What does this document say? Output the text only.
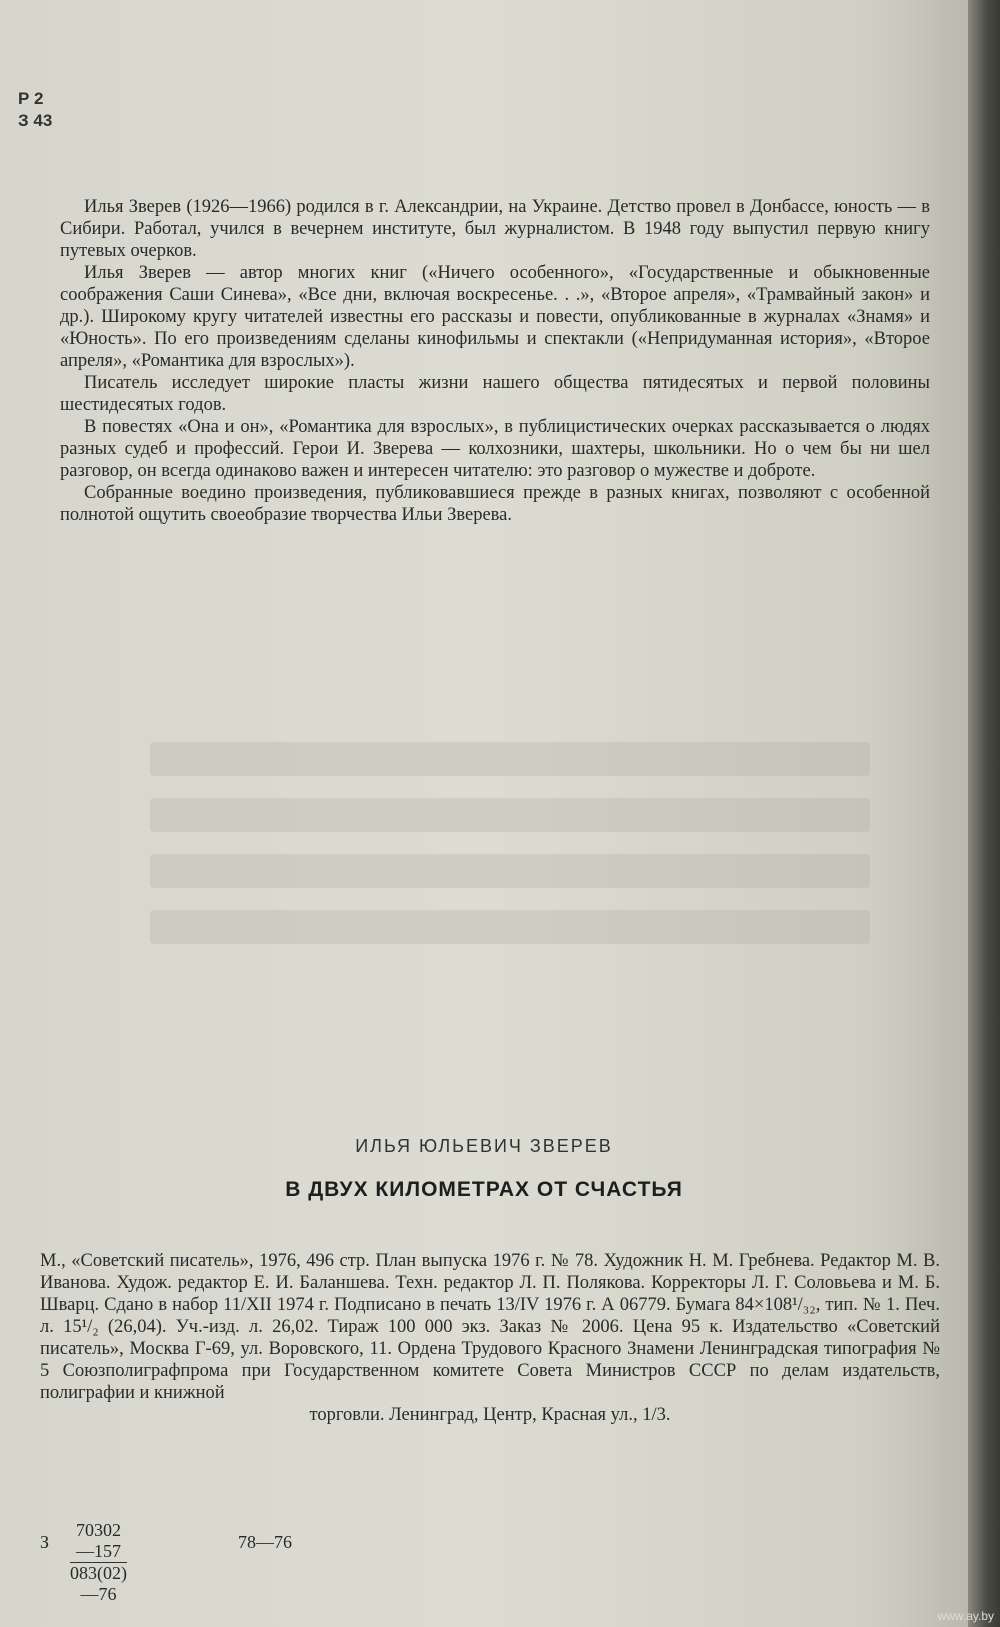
Р 2
З 43

Илья Зверев (1926—1966) родился в г. Александрии, на Украине. Детство провел в Донбассе, юность — в Сибири. Работал, учился в вечернем институте, был журналистом. В 1948 году выпустил первую книгу путевых очерков.

Илья Зверев — автор многих книг («Ничего особенного», «Государственные и обыкновенные соображения Саши Синева», «Все дни, включая воскресенье. . .», «Второе апреля», «Трамвайный закон» и др.). Широкому кругу читателей известны его рассказы и повести, опубликованные в журналах «Знамя» и «Юность». По его произведениям сделаны кинофильмы и спектакли («Непридуманная история», «Второе апреля», «Романтика для взрослых»).

Писатель исследует широкие пласты жизни нашего общества пятидесятых и первой половины шестидесятых годов.

В повестях «Она и он», «Романтика для взрослых», в публицистических очерках рассказывается о людях разных судеб и профессий. Герои И. Зверева — колхозники, шахтеры, школьники. Но о чем бы ни шел разговор, он всегда одинаково важен и интересен читателю: это разговор о мужестве и доброте.

Собранные воедино произведения, публиковавшиеся прежде в разных книгах, позволяют с особенной полнотой ощутить своеобразие творчества Ильи Зверева.

ИЛЬЯ ЮЛЬЕВИЧ ЗВЕРЕВ
В ДВУХ КИЛОМЕТРАХ ОТ СЧАСТЬЯ

М., «Советский писатель», 1976, 496 стр. План выпуска 1976 г. № 78. Художник Н. М. Гребнева. Редактор М. В. Иванова. Худож. редактор Е. И. Баланшева. Техн. редактор Л. П. Полякова. Корректоры Л. Г. Соловьева и М. Б. Шварц. Сдано в набор 11/XII 1974 г. Подписано в печать 13/IV 1976 г. А 06779. Бумага 84×108¹/₃₂, тип. № 1. Печ. л. 15¹/₂ (26,04). Уч.-изд. л. 26,02. Тираж 100 000 экз. Заказ № 2006. Цена 95 к. Издательство «Советский писатель», Москва Г-69, ул. Воровского, 11. Ордена Трудового Красного Знамени Ленинградская типография № 5 Союзполиграфпрома при Государственном комитете Совета Министров СССР по делам издательств, полиграфии и книжной

торговли. Ленинград, Центр, Красная ул., 1/3.

З $\frac{70302—157}{083(02)—76}$	78—76
www.ay.by
